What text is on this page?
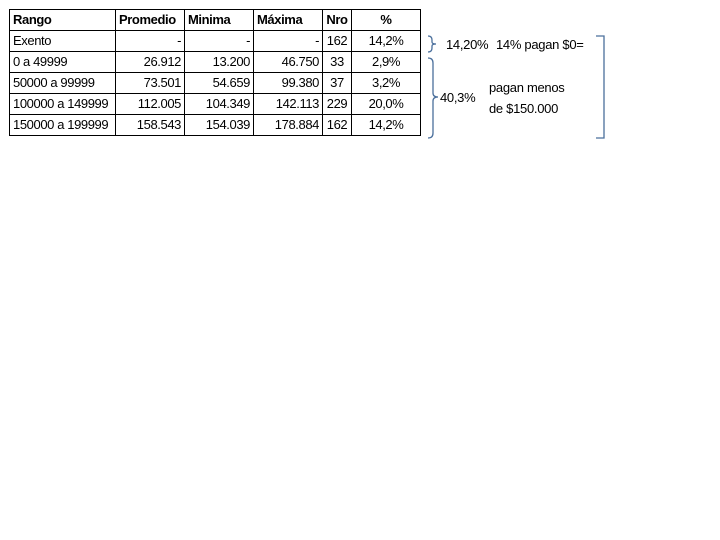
Rango	Promedio	Minima	Máxima	Nro	%
Exento	-	-	-	162	14,2%
0 a 49999	26.912	13.200	46.750	33	2,9%
50000 a 99999	73.501	54.659	99.380	37	3,2%
100000 a 149999	112.005	104.349	142.113	229	20,0%
150000 a 199999	158.543	154.039	178.884	162	14,2%
14,20% 14% pagan $0=
40,3%
pagan menos
de $150.000
